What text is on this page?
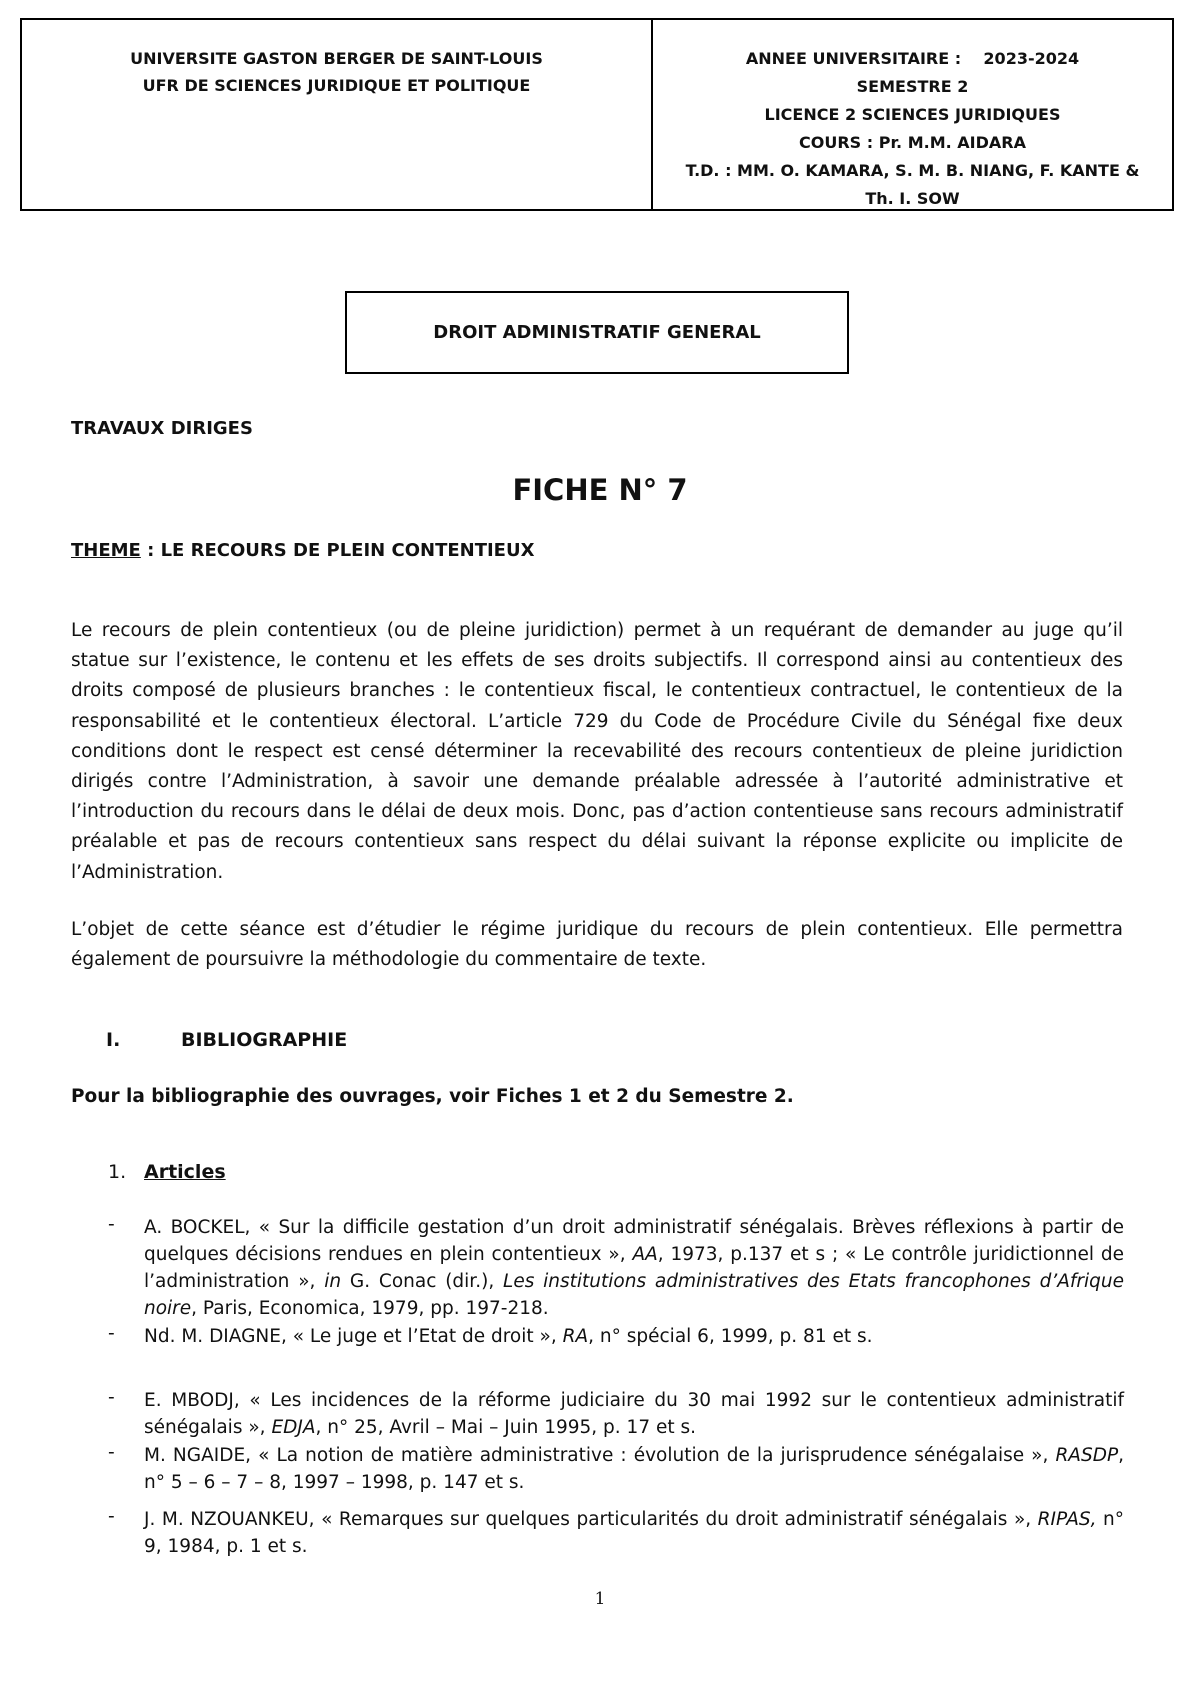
UNIVERSITE GASTON BERGER DE SAINT-LOUIS
UFR DE SCIENCES JURIDIQUE ET POLITIQUE
ANNEE UNIVERSITAIRE : 2023-2024
SEMESTRE 2
LICENCE 2 SCIENCES JURIDIQUES
COURS : Pr. M.M. AIDARA
T.D. : MM. O. KAMARA, S. M. B. NIANG, F. KANTE &
Th. I. SOW
DROIT ADMINISTRATIF GENERAL
TRAVAUX DIRIGES
FICHE N° 7
THEME : LE RECOURS DE PLEIN CONTENTIEUX
Le recours de plein contentieux (ou de pleine juridiction) permet à un requérant de demander au juge qu’il statue sur l’existence, le contenu et les effets de ses droits subjectifs. Il correspond ainsi au contentieux des droits composé de plusieurs branches : le contentieux fiscal, le contentieux contractuel, le contentieux de la responsabilité et le contentieux électoral. L’article 729 du Code de Procédure Civile du Sénégal fixe deux conditions dont le respect est censé déterminer la recevabilité des recours contentieux de pleine juridiction dirigés contre l’Administration, à savoir une demande préalable adressée à l’autorité administrative et l’introduction du recours dans le délai de deux mois. Donc, pas d’action contentieuse sans recours administratif préalable et pas de recours contentieux sans respect du délai suivant la réponse explicite ou implicite de l’Administration.
L’objet de cette séance est d’étudier le régime juridique du recours de plein contentieux. Elle permettra également de poursuivre la méthodologie du commentaire de texte.
I.	BIBLIOGRAPHIE
Pour la bibliographie des ouvrages, voir Fiches 1 et 2 du Semestre 2.
1. Articles
- A. BOCKEL, « Sur la difficile gestation d’un droit administratif sénégalais. Brèves réflexions à partir de quelques décisions rendues en plein contentieux », AA, 1973, p.137 et s ; « Le contrôle juridictionnel de l’administration », in G. Conac (dir.), Les institutions administratives des Etats francophones d’Afrique noire, Paris, Economica, 1979, pp. 197-218.
- Nd. M. DIAGNE, « Le juge et l’Etat de droit », RA, n° spécial 6, 1999, p. 81 et s.
- E. MBODJ, « Les incidences de la réforme judiciaire du 30 mai 1992 sur le contentieux administratif sénégalais », EDJA, n° 25, Avril – Mai – Juin 1995, p. 17 et s.
- M. NGAIDE, « La notion de matière administrative : évolution de la jurisprudence sénégalaise », RASDP, n° 5 – 6 – 7 – 8, 1997 – 1998, p. 147 et s.
- J. M. NZOUANKEU, « Remarques sur quelques particularités du droit administratif sénégalais », RIPAS, n° 9, 1984, p. 1 et s.
1
